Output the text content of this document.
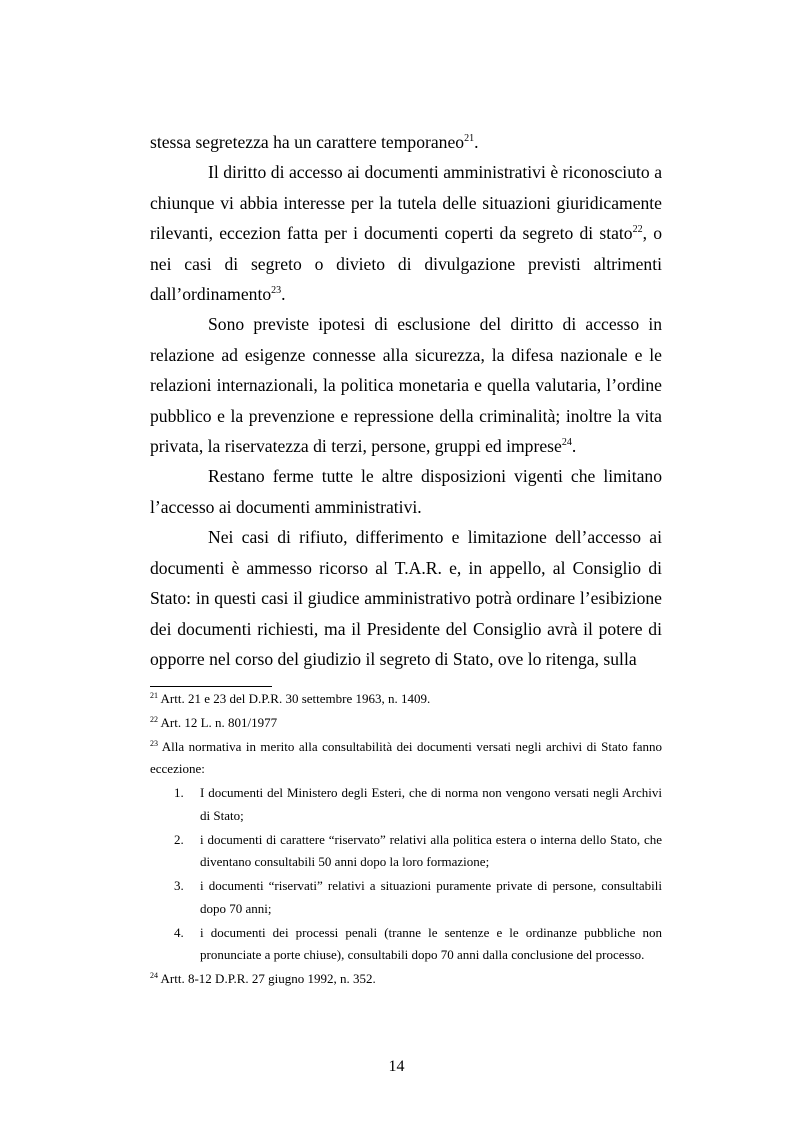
stessa segretezza ha un carattere temporaneo$^{21}$.

Il diritto di accesso ai documenti amministrativi è riconosciuto a chiunque vi abbia interesse per la tutela delle situazioni giuridicamente rilevanti, eccezion fatta per i documenti coperti da segreto di stato$^{22}$, o nei casi di segreto o divieto di divulgazione previsti altrimenti dall’ordinamento$^{23}$.

Sono previste ipotesi di esclusione del diritto di accesso in relazione ad esigenze connesse alla sicurezza, la difesa nazionale e le relazioni internazionali, la politica monetaria e quella valutaria, l’ordine pubblico e la prevenzione e repressione della criminalità; inoltre la vita privata, la riservatezza di terzi, persone, gruppi ed imprese$^{24}$.

Restano ferme tutte le altre disposizioni vigenti che limitano l’accesso ai documenti amministrativi.

Nei casi di rifiuto, differimento e limitazione dell’accesso ai documenti è ammesso ricorso al T.A.R. e, in appello, al Consiglio di Stato: in questi casi il giudice amministrativo potrà ordinare l’esibizione dei documenti richiesti, ma il Presidente del Consiglio avrà il potere di opporre nel corso del giudizio il segreto di Stato, ove lo ritenga, sulla

$^{21}$ Artt. 21 e 23 del D.P.R. 30 settembre 1963, n. 1409.

$^{22}$ Art. 12 L. n. 801/1977

$^{23}$ Alla normativa in merito alla consultabilità dei documenti versati negli archivi di Stato fanno eccezione:

1. I documenti del Ministero degli Esteri, che di norma non vengono versati negli Archivi di Stato;
2. i documenti di carattere “riservato” relativi alla politica estera o interna dello Stato, che diventano consultabili 50 anni dopo la loro formazione;
3. i documenti “riservati” relativi a situazioni puramente private di persone, consultabili dopo 70 anni;
4. i documenti dei processi penali (tranne le sentenze e le ordinanze pubbliche non pronunciate a porte chiuse), consultabili dopo 70 anni dalla conclusione del processo.

$^{24}$ Artt. 8-12 D.P.R. 27 giugno 1992, n. 352.

14
